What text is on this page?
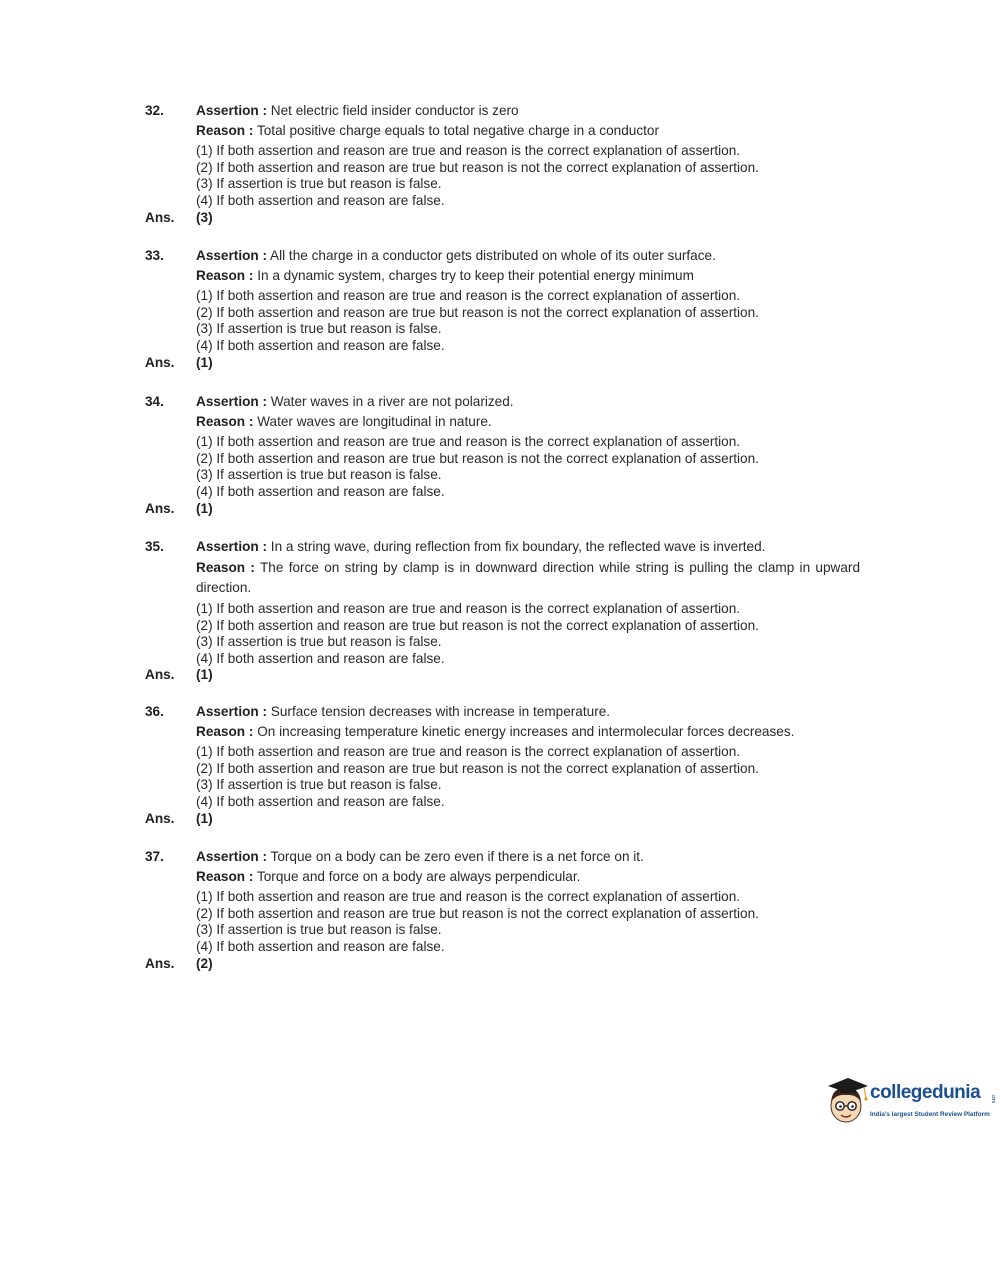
32. Assertion : Net electric field insider conductor is zero
Reason : Total positive charge equals to total negative charge in a conductor
(1) If both assertion and reason are true and reason is the correct explanation of assertion.
(2) If both assertion and reason are true but reason is not the correct explanation of assertion.
(3) If assertion is true but reason is false.
(4) If both assertion and reason are false.
Ans. (3)
33. Assertion : All the charge in a conductor gets distributed on whole of its outer surface.
Reason : In a dynamic system, charges try to keep their potential energy minimum
(1) If both assertion and reason are true and reason is the correct explanation of assertion.
(2) If both assertion and reason are true but reason is not the correct explanation of assertion.
(3) If assertion is true but reason is false.
(4) If both assertion and reason are false.
Ans. (1)
34. Assertion : Water waves in a river are not polarized.
Reason : Water waves are longitudinal in nature.
(1) If both assertion and reason are true and reason is the correct explanation of assertion.
(2) If both assertion and reason are true but reason is not the correct explanation of assertion.
(3) If assertion is true but reason is false.
(4) If both assertion and reason are false.
Ans. (1)
35. Assertion : In a string wave, during reflection from fix boundary, the reflected wave is inverted.
Reason : The force on string by clamp is in downward direction while string is pulling the clamp in upward direction.
(1) If both assertion and reason are true and reason is the correct explanation of assertion.
(2) If both assertion and reason are true but reason is not the correct explanation of assertion.
(3) If assertion is true but reason is false.
(4) If both assertion and reason are false.
Ans. (1)
36. Assertion : Surface tension decreases with increase in temperature.
Reason : On increasing temperature kinetic energy increases and intermolecular forces decreases.
(1) If both assertion and reason are true and reason is the correct explanation of assertion.
(2) If both assertion and reason are true but reason is not the correct explanation of assertion.
(3) If assertion is true but reason is false.
(4) If both assertion and reason are false.
Ans. (1)
37. Assertion : Torque on a body can be zero even if there is a net force on it.
Reason : Torque and force on a body are always perpendicular.
(1) If both assertion and reason are true and reason is the correct explanation of assertion.
(2) If both assertion and reason are true but reason is not the correct explanation of assertion.
(3) If assertion is true but reason is false.
(4) If both assertion and reason are false.
Ans. (2)
collegedunia .com
India's largest Student Review Platform
